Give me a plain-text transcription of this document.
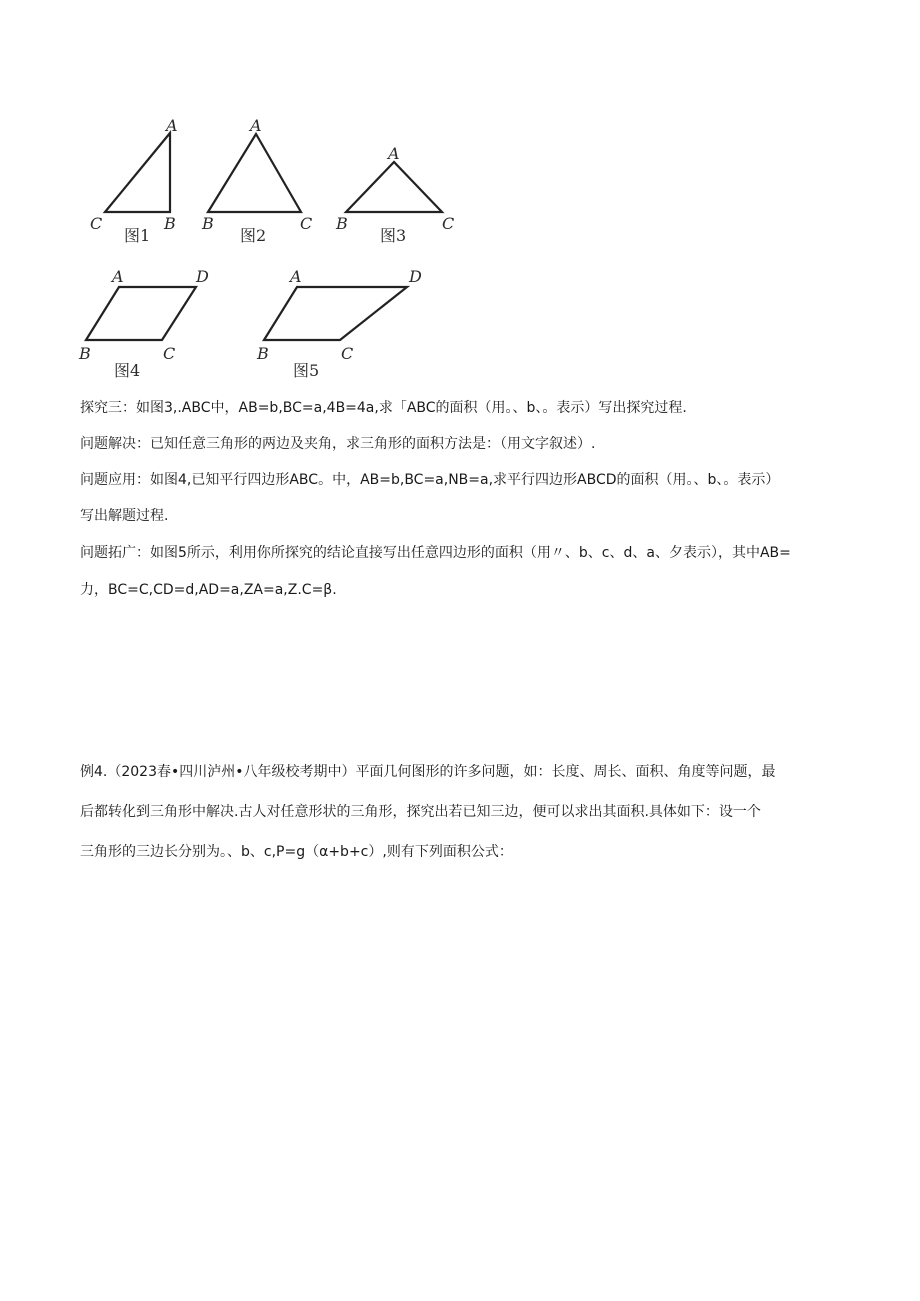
A
C	B
图1
A
B	C
图2
A
B	C
图3
A	D
B	C
图4
A	D
B	C
图5
探究三：如图3,.ABC中，AB=b,BC=a,4B=4a,求「ABC的面积（用。、b、。表示）写出探究过程.
问题解决：已知任意三角形的两边及夹角，求三角形的面积方法是：（用文字叙述）.
问题应用：如图4,已知平行四边形ABC。中，AB=b,BC=a,NB=a,求平行四边形ABCD的面积（用。、b、。表示）
写出解题过程.
问题拓广：如图5所示，利用你所探究的结论直接写出任意四边形的面积（用〃、b、c、d、a、夕表示），其中AB=
力，BC=C,CD=d,AD=a,ZA=a,Z.C=β.
例4.（2023春•四川泸州•八年级校考期中）平面几何图形的许多问题，如：长度、周长、面积、角度等问题，最
后都转化到三角形中解决.古人对任意形状的三角形，探究出若已知三边，便可以求出其面积.具体如下：设一个
三角形的三边长分别为。、b、c,P=g（α+b+c）,则有下列面积公式：
